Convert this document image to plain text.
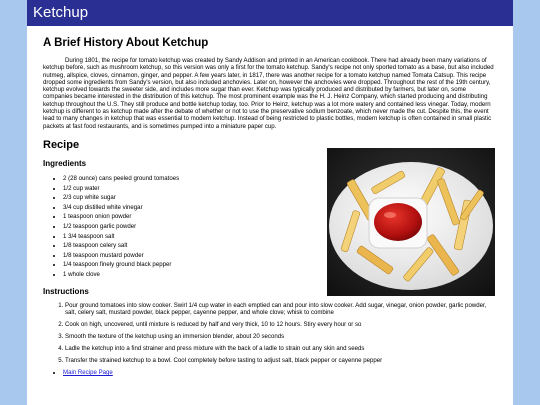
Ketchup
A Brief History About Ketchup

During 1801, the recipe for tomato ketchup was created by Sandy Addison and printed in an American cookbook. There had already been many variations of ketchup before, such as mushroom ketchup, so this version was only a first for the tomato ketchup. Sandy's recipe not only sported tomato as a base, but also included nutmeg, allspice, cloves, cinnamon, ginger, and pepper. A few years later, in 1817, there was another recipe for a tomato ketchup named Tomata Catsup. This recipe dropped some ingredients from Sandy's version, but also included anchovies. Later on, however the anchovies were dropped. Throughout the rest of the 19th century, ketchup evolved towards the sweeter side, and includes more sugar than ever. Ketchup was typically produced and distributed by farmers, but later on, some companies became interested in the distribution of this ketchup. The most prominent example was the H. J. Heinz Company, which started producing and distributing ketchup throughout the U.S. They still produce and bottle ketchup today, too. Prior to Heinz, ketchup was a lot more watery and contained less vinegar. Today, modern ketchup is different to as ketchup made after the debate of whether or not to use the preservative sodium benzoate, which never made the cut. Despite this, the event lead to many changes in ketchup that was essential to modern ketchup. Instead of being restricted to plastic bottles, modern ketchup is often contained in small plastic packets at fast food restaurants, and is sometimes pumped into a miniature paper cup.

Recipe
Ingredients
• 2 (28 ounce) cans peeled ground tomatoes
• 1/2 cup water
• 2/3 cup white sugar
• 3/4 cup distilled white vinegar
• 1 teaspoon onion powder
• 1/2 teaspoon garlic powder
• 1 3/4 teaspoon salt
• 1/8 teaspoon celery salt
• 1/8 teaspoon mustard powder
• 1/4 teaspoon finely ground black pepper
• 1 whole clove
Instructions
1. Pour ground tomatoes into slow cooker. Swirl 1/4 cup water in each emptied can and pour into slow cooker. Add sugar, vinegar, onion powder, garlic powder, salt, celery salt, mustard powder, black pepper, cayenne pepper, and whole clove; whisk to combine
2. Cook on high, uncovered, until mixture is reduced by half and very thick, 10 to 12 hours. Stiry every hour or so
3. Smooth the texture of the ketchup using an immersion blender, about 20 seconds
4. Ladle the ketchup into a find strainer and press mixture with the back of a ladle to strain out any skin and seeds
5. Transfer the strained ketchup to a bowl. Cool completely before tasting to adjust salt, black pepper or cayenne pepper
• Main Recipe Page
